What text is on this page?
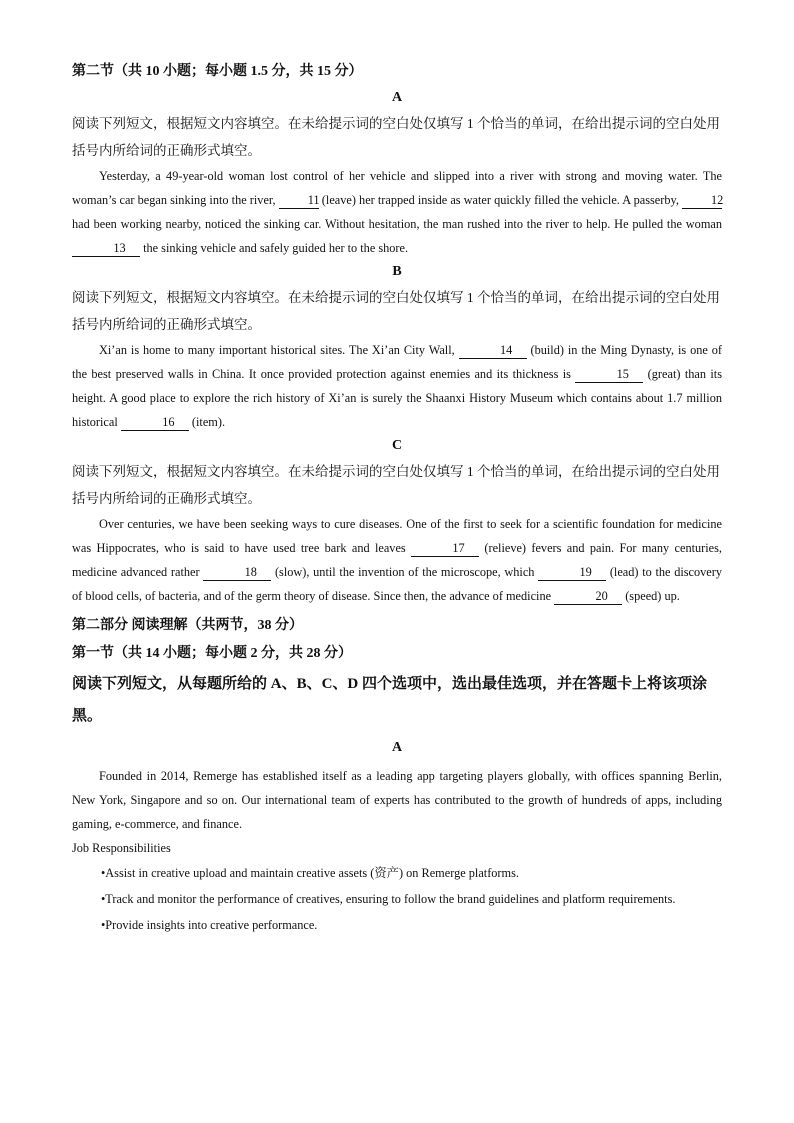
第二节（共 10 小题；每小题 1.5 分，共 15 分）
A
阅读下列短文，根据短文内容填空。在未给提示词的空白处仅填写 1 个恰当的单词，在给出提示词的空白处用括号内所给词的正确形式填空。
Yesterday, a 49-year-old woman lost control of her vehicle and slipped into a river with strong and moving water. The woman’s car began sinking into the river, 11 (leave) her trapped inside as water quickly filled the vehicle. A passerby, 12 had been working nearby, noticed the sinking car. Without hesitation, the man rushed into the river to help. He pulled the woman 13 the sinking vehicle and safely guided her to the shore.
B
阅读下列短文，根据短文内容填空。在未给提示词的空白处仅填写 1 个恰当的单词，在给出提示词的空白处用括号内所给词的正确形式填空。
Xi’an is home to many important historical sites. The Xi’an City Wall,	14 (build) in the Ming Dynasty, is one of the best preserved walls in China. It once provided protection against enemies and its thickness is	15 (great) than its height. A good place to explore the rich history of Xi’an is surely the Shaanxi History Museum which contains about 1.7 million historical	16 (item).
C
阅读下列短文，根据短文内容填空。在未给提示词的空白处仅填写 1 个恰当的单词，在给出提示词的空白处用括号内所给词的正确形式填空。
Over centuries, we have been seeking ways to cure diseases. One of the first to seek for a scientific foundation for medicine was Hippocrates, who is said to have used tree bark and leaves	17 (relieve) fevers and pain. For many centuries, medicine advanced rather	18 (slow), until the invention of the microscope, which	19 (lead) to the discovery of blood cells, of bacteria, and of the germ theory of disease. Since then, the advance of medicine	20 (speed) up.
第二部分 阅读理解（共两节，38 分）
第一节（共 14 小题；每小题 2 分，共 28 分）
阅读下列短文，从每题所给的 A、B、C、D 四个选项中，选出最佳选项，并在答题卡上将该项涂黑。
A
Founded in 2014, Remerge has established itself as a leading app targeting players globally, with offices spanning Berlin, New York, Singapore and so on. Our international team of experts has contributed to the growth of hundreds of apps, including gaming, e-commerce, and finance.
Job Responsibilities
•Assist in creative upload and maintain creative assets (资产) on Remerge platforms.
•Track and monitor the performance of creatives, ensuring to follow the brand guidelines and platform requirements.
•Provide insights into creative performance.
